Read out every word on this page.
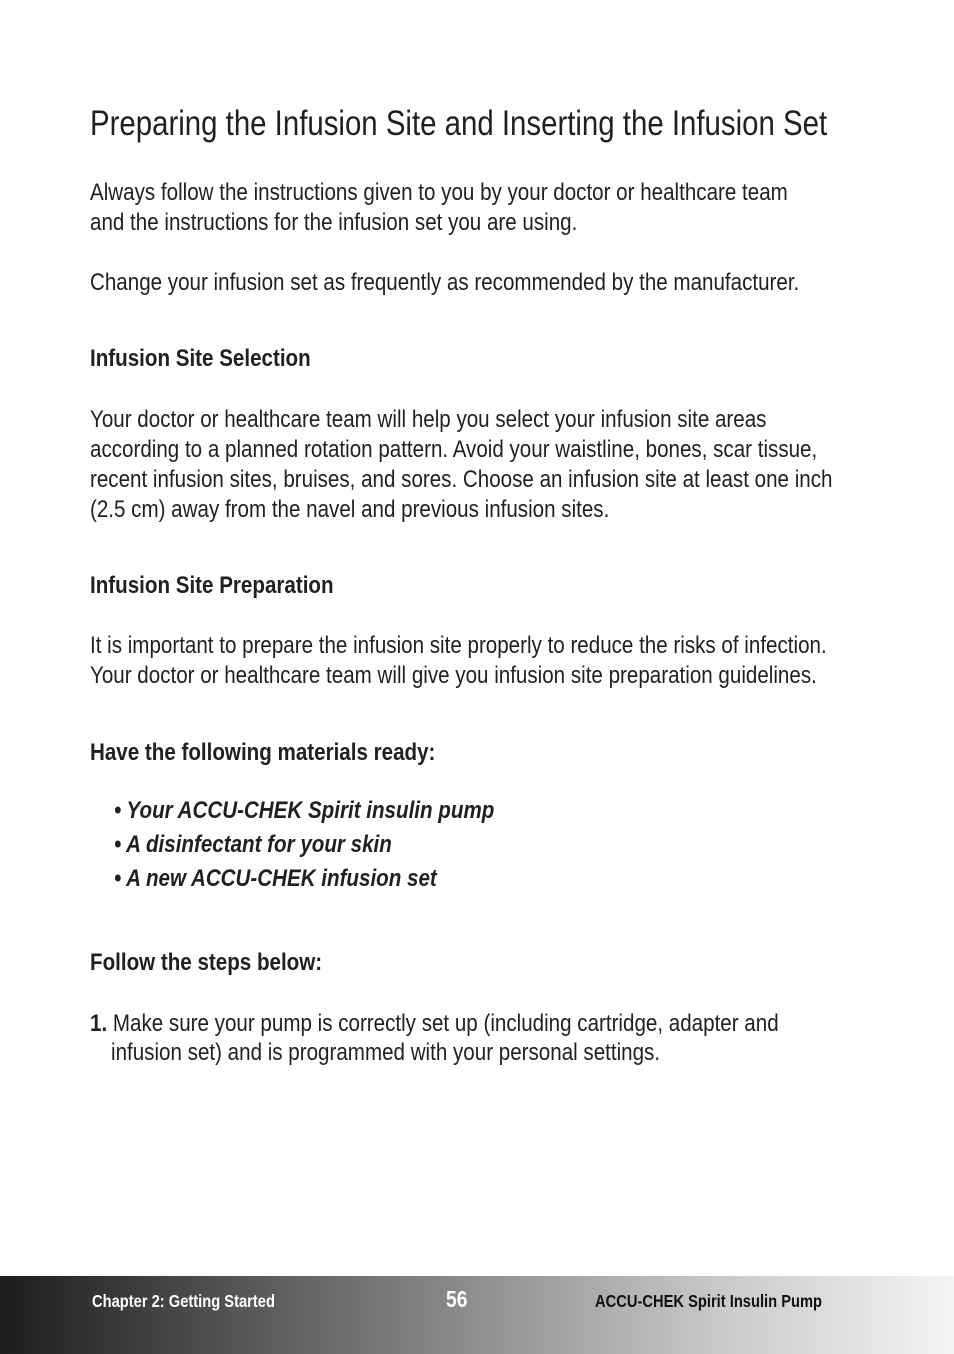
Preparing the Infusion Site and Inserting the Infusion Set
Always follow the instructions given to you by your doctor or healthcare team
and the instructions for the infusion set you are using.
Change your infusion set as frequently as recommended by the manufacturer.
Infusion Site Selection
Your doctor or healthcare team will help you select your infusion site areas
according to a planned rotation pattern. Avoid your waistline, bones, scar tissue,
recent infusion sites, bruises, and sores. Choose an infusion site at least one inch
(2.5 cm) away from the navel and previous infusion sites.
Infusion Site Preparation
It is important to prepare the infusion site properly to reduce the risks of infection.
Your doctor or healthcare team will give you infusion site preparation guidelines.
Have the following materials ready:
• Your ACCU-CHEK Spirit insulin pump
• A disinfectant for your skin
• A new ACCU-CHEK infusion set
Follow the steps below:
1. Make sure your pump is correctly set up (including cartridge, adapter and
infusion set) and is programmed with your personal settings.
Chapter 2: Getting Started	56	ACCU-CHEK Spirit Insulin Pump
